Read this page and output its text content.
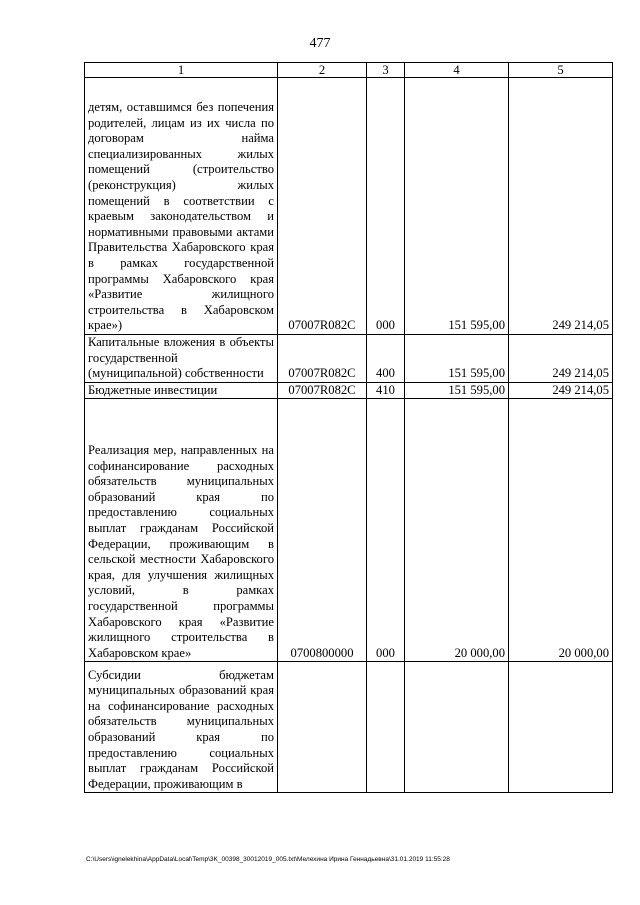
477
1	2	3	4	5
детям, оставшимся без попечения родителей, лицам из их числа по договорам найма специализированных жилых помещений (строительство (реконструкция) жилых помещений в соответствии с краевым законодательством и нормативными правовыми актами Правительства Хабаровского края в рамках государственной программы Хабаровского края «Развитие жилищного строительства в Хабаровском крае»)	07007R082C	000	151 595,00	249 214,05
Капитальные вложения в объекты государственной (муниципальной) собственности	07007R082C	400	151 595,00	249 214,05
Бюджетные инвестиции	07007R082C	410	151 595,00	249 214,05
Реализация мер, направленных на софинансирование расходных обязательств муниципальных образований края по предоставлению социальных выплат гражданам Российской Федерации, проживающим в сельской местности Хабаровского края, для улучшения жилищных условий, в рамках государственной программы Хабаровского края «Развитие жилищного строительства в Хабаровском крае»	0700800000	000	20 000,00	20 000,00
Субсидии бюджетам муниципальных образований края на софинансирование расходных обязательств муниципальных образований края по предоставлению социальных выплат гражданам Российской Федерации, проживающим в				
C:\Users\ignelekhina\AppData\Local\Temp\3K_00398_30012019_005.txt\Мелехина Ирина Геннадьевна\31.01.2019 11:55:28
